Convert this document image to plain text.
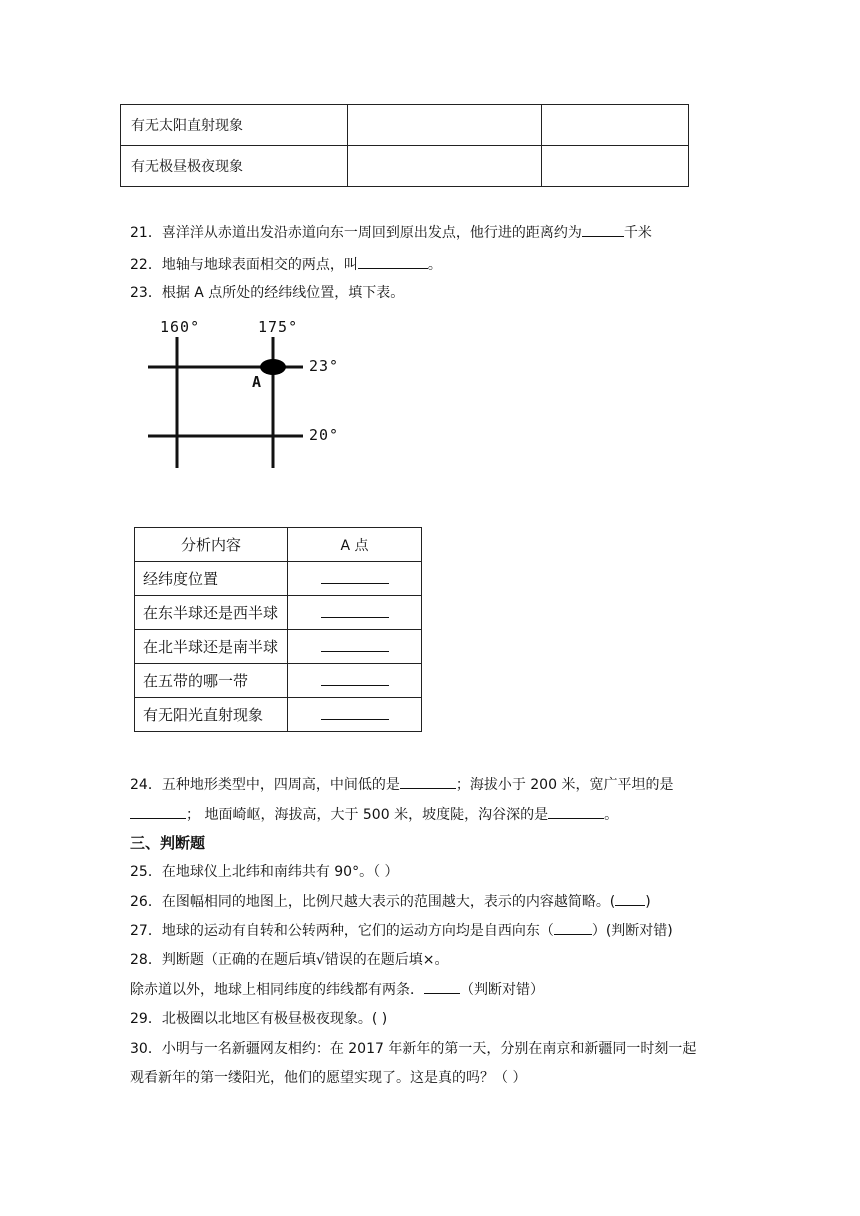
有无太阳直射现象		
有无极昼极夜现象		
21．喜洋洋从赤道出发沿赤道向东一周回到原出发点，他行进的距离约为	千米
22．地轴与地球表面相交的两点，叫	。
23．根据 A 点所处的经纬线位置，填下表。
160°	175°
23°
20°
A
分析内容	A 点
经纬度位置	
在东半球还是西半球	
在北半球还是南半球	
在五带的哪一带	
有无阳光直射现象	
24．五种地形类型中，四周高，中间低的是	；海拔小于 200 米，宽广平坦的是
； 地面崎岖，海拔高，大于 500 米，坡度陡，沟谷深的是	。
三、判断题
25．在地球仪上北纬和南纬共有 90°。（ ）
26．在图幅相同的地图上，比例尺越大表示的范围越大，表示的内容越简略。( )
27．地球的运动有自转和公转两种，它们的运动方向均是自西向东（	）(判断对错)
28．判断题（正确的在题后填√错误的在题后填×。
除赤道以外，地球上相同纬度的纬线都有两条．	（判断对错）
29．北极圈以北地区有极昼极夜现象。( )
30．小明与一名新疆网友相约：在 2017 年新年的第一天，分别在南京和新疆同一时刻一起
观看新年的第一缕阳光，他们的愿望实现了。这是真的吗？（ ）
